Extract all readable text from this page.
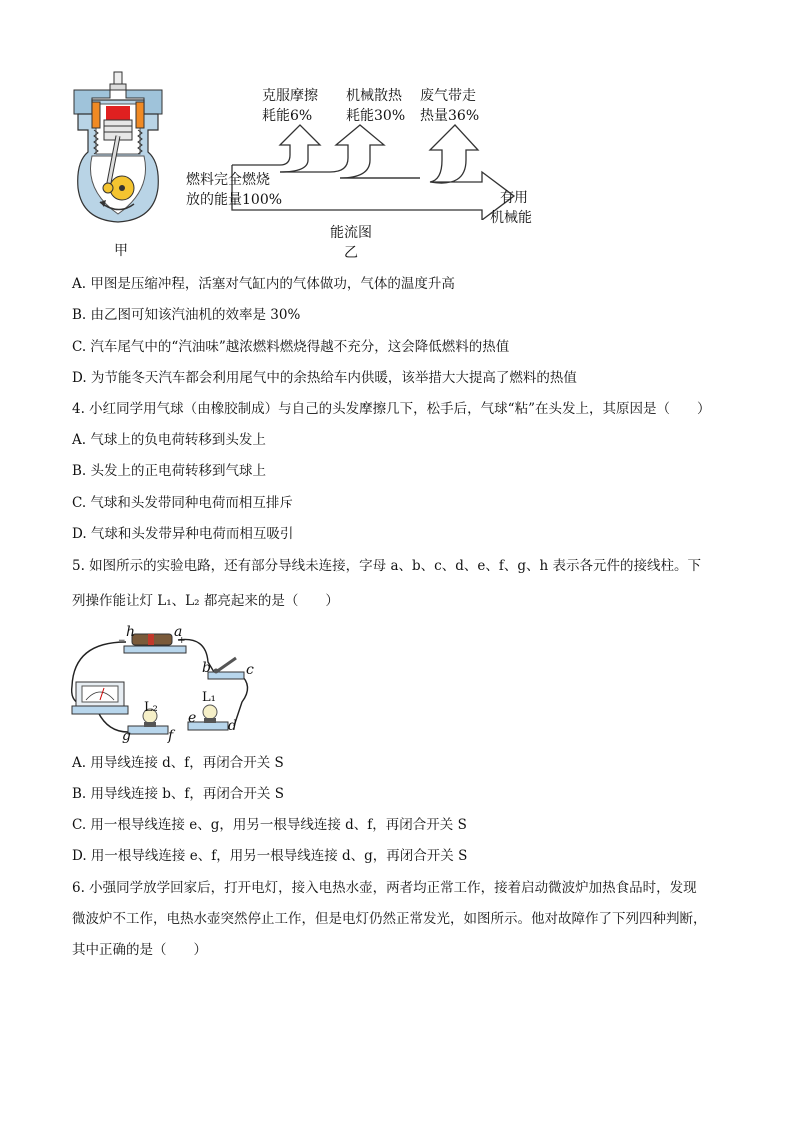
甲
克服摩擦
耗能6%
机械散热
耗能30%
废气带走
热量36%
燃料完全燃烧
放的能量100%	有用
机械能
能流图
乙
A. 甲图是压缩冲程，活塞对气缸内的气体做功，气体的温度升高
B. 由乙图可知该汽油机的效率是 30%
C. 汽车尾气中的“汽油味”越浓燃料燃烧得越不充分，这会降低燃料的热值
D. 为节能冬天汽车都会利用尾气中的余热给车内供暖，该举措大大提高了燃料的热值
4. 小红同学用气球（由橡胶制成）与自己的头发摩擦几下，松手后，气球“粘”在头发上，其原因是（　　）
A. 气球上的负电荷转移到头发上
B. 头发上的正电荷转移到气球上
C. 气球和头发带同种电荷而相互排斥
D. 气球和头发带异种电荷而相互吸引
5. 如图所示的实验电路，还有部分导线未连接，字母 a、b、c、d、e、f、g、h 表示各元件的接线柱。下
列操作能让灯 L₁、L₂ 都亮起来的是（　　）
h	a
+
−
b	c
L₁
e d
L₂
g	f
A. 用导线连接 d、f，再闭合开关 S
B. 用导线连接 b、f，再闭合开关 S
C. 用一根导线连接 e、g，用另一根导线连接 d、f，再闭合开关 S
D. 用一根导线连接 e、f，用另一根导线连接 d、g，再闭合开关 S
6. 小强同学放学回家后，打开电灯，接入电热水壶，两者均正常工作，接着启动微波炉加热食品时，发现
微波炉不工作，电热水壶突然停止工作，但是电灯仍然正常发光，如图所示。他对故障作了下列四种判断，
其中正确的是（　　）
